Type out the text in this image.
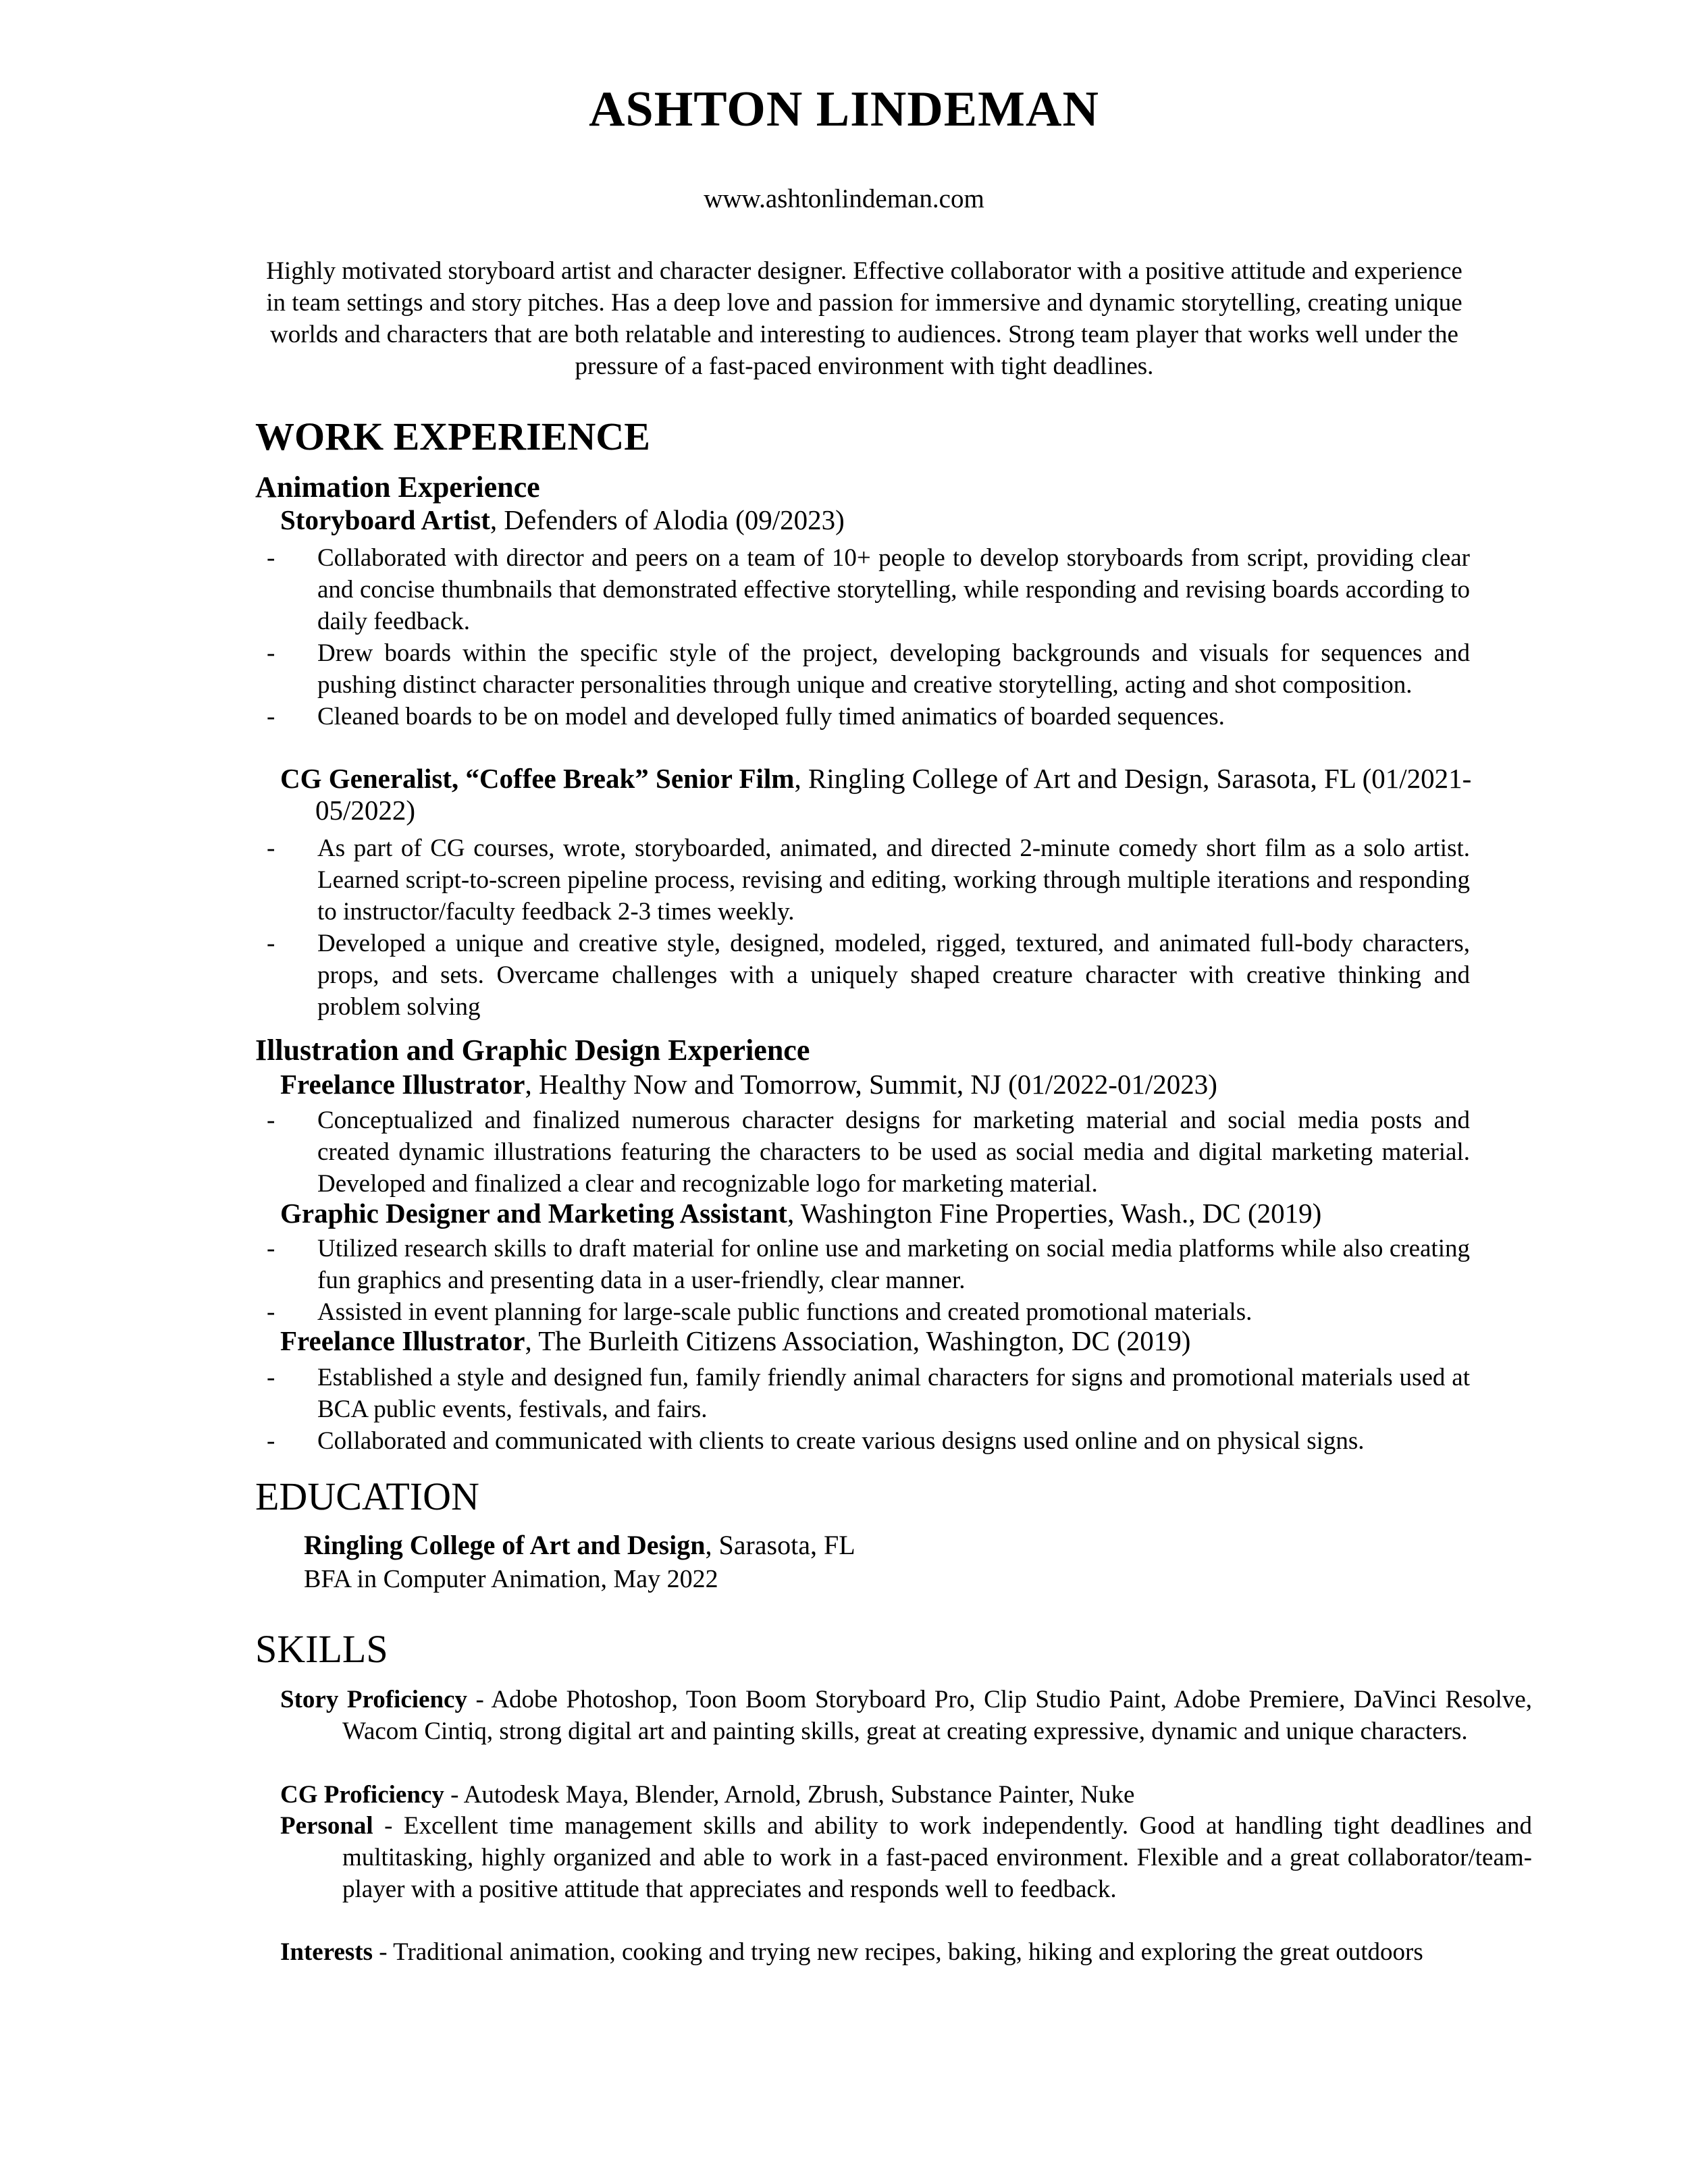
ASHTON LINDEMAN
www.ashtonlindeman.com
Highly motivated storyboard artist and character designer. Effective collaborator with a positive attitude and experience in team settings and story pitches. Has a deep love and passion for immersive and dynamic storytelling, creating unique worlds and characters that are both relatable and interesting to audiences. Strong team player that works well under the pressure of a fast-paced environment with tight deadlines.
WORK EXPERIENCE
Animation Experience
Storyboard Artist, Defenders of Alodia (09/2023)
- Collaborated with director and peers on a team of 10+ people to develop storyboards from script, providing clear and concise thumbnails that demonstrated effective storytelling, while responding and revising boards according to daily feedback.
- Drew boards within the specific style of the project, developing backgrounds and visuals for sequences and pushing distinct character personalities through unique and creative storytelling, acting and shot composition.
- Cleaned boards to be on model and developed fully timed animatics of boarded sequences.
CG Generalist, “Coffee Break” Senior Film, Ringling College of Art and Design, Sarasota, FL (01/2021-05/2022)
- As part of CG courses, wrote, storyboarded, animated, and directed 2-minute comedy short film as a solo artist. Learned script-to-screen pipeline process, revising and editing, working through multiple iterations and responding to instructor/faculty feedback 2-3 times weekly.
- Developed a unique and creative style, designed, modeled, rigged, textured, and animated full-body characters, props, and sets. Overcame challenges with a uniquely shaped creature character with creative thinking and problem solving
Illustration and Graphic Design Experience
Freelance Illustrator, Healthy Now and Tomorrow, Summit, NJ (01/2022-01/2023)
- Conceptualized and finalized numerous character designs for marketing material and social media posts and created dynamic illustrations featuring the characters to be used as social media and digital marketing material. Developed and finalized a clear and recognizable logo for marketing material.
Graphic Designer and Marketing Assistant, Washington Fine Properties, Wash., DC (2019)
- Utilized research skills to draft material for online use and marketing on social media platforms while also creating fun graphics and presenting data in a user-friendly, clear manner.
- Assisted in event planning for large-scale public functions and created promotional materials.
Freelance Illustrator, The Burleith Citizens Association, Washington, DC (2019)
- Established a style and designed fun, family friendly animal characters for signs and promotional materials used at BCA public events, festivals, and fairs.
- Collaborated and communicated with clients to create various designs used online and on physical signs.
EDUCATION
Ringling College of Art and Design, Sarasota, FL
BFA in Computer Animation, May 2022
SKILLS
Story Proficiency - Adobe Photoshop, Toon Boom Storyboard Pro, Clip Studio Paint, Adobe Premiere, DaVinci Resolve, Wacom Cintiq, strong digital art and painting skills, great at creating expressive, dynamic and unique characters.
CG Proficiency - Autodesk Maya, Blender, Arnold, Zbrush, Substance Painter, Nuke
Personal - Excellent time management skills and ability to work independently. Good at handling tight deadlines and multitasking, highly organized and able to work in a fast-paced environment. Flexible and a great collaborator/team-player with a positive attitude that appreciates and responds well to feedback.
Interests - Traditional animation, cooking and trying new recipes, baking, hiking and exploring the great outdoors
